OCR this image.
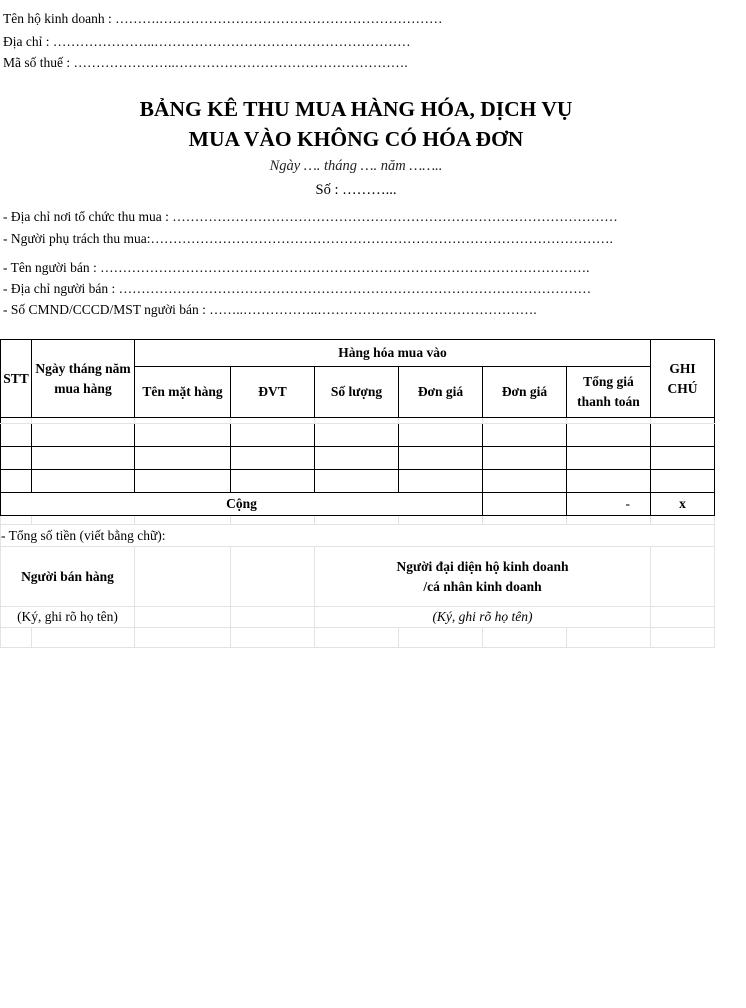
Tên hộ kinh doanh : ……….………………………………………………………
Địa chỉ : …………………..…………………………………………………
Mã số thuế : …………………..…………………………………………….
BẢNG KÊ THU MUA HÀNG HÓA, DỊCH VỤ
MUA VÀO KHÔNG CÓ HÓA ĐƠN
Ngày …. tháng …. năm ……..
Số : ………...
- Địa chỉ nơi tổ chức thu mua : ………………………………………………………………………………………
- Người phụ trách thu mua:………………………………………………………………………………………….
- Tên người bán : ……………………………………………………………………………………………….
- Địa chỉ người bán : ……………………………………………………………………………………………
- Số CMND/CCCD/MST người bán : ……..……………..………………………………………….
STT	Ngày tháng năm mua hàng	Hàng hóa mua vào						GHI CHÚ
		Tên mặt hàng	ĐVT	Số lượng	Đơn giá	Đơn giá	Tổng giá thanh toán	

Cộng							-	x

- Tổng số tiền (viết bằng chữ):								
Người bán hàng				Người đại diện hộ kinh doanh
/cá nhân kinh doanh				

(Ký, ghi rõ họ tên)				(Ký, ghi rõ họ tên)				
